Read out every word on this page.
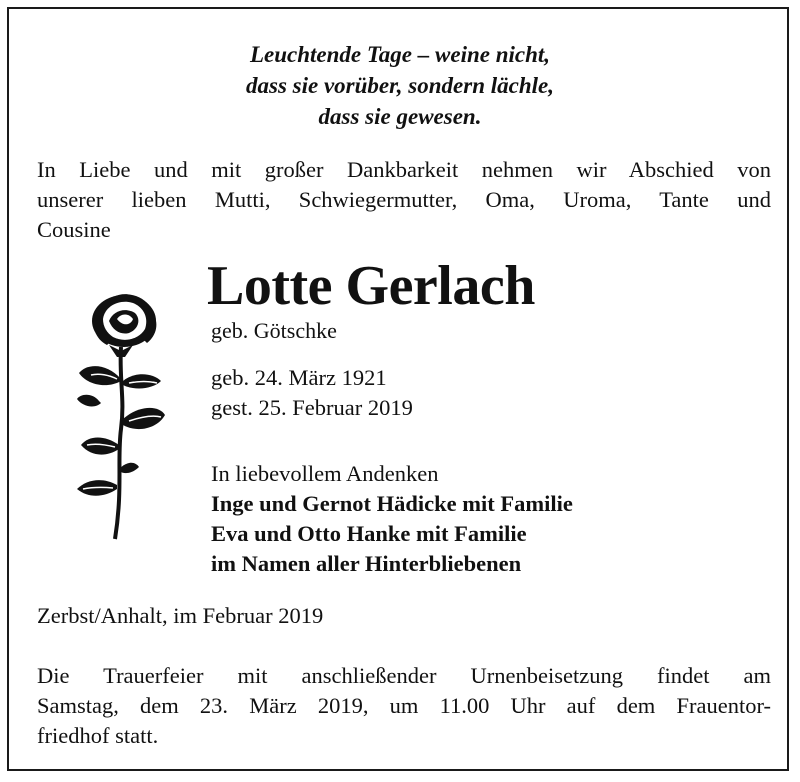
Leuchtende Tage – weine nicht,
dass sie vorüber, sondern lächle,
dass sie gewesen.
In Liebe und mit großer Dankbarkeit nehmen wir Abschied von
unserer lieben Mutti, Schwiegermutter, Oma, Uroma, Tante und
Cousine
Lotte Gerlach
geb. Götschke
geb. 24. März 1921
gest. 25. Februar 2019
In liebevollem Andenken
Inge und Gernot Hädicke mit Familie
Eva und Otto Hanke mit Familie
im Namen aller Hinterbliebenen
Zerbst/Anhalt, im Februar 2019
Die Trauerfeier mit anschließender Urnenbeisetzung findet am
Samstag, dem 23. März 2019, um 11.00 Uhr auf dem Frauentor-
friedhof statt.
